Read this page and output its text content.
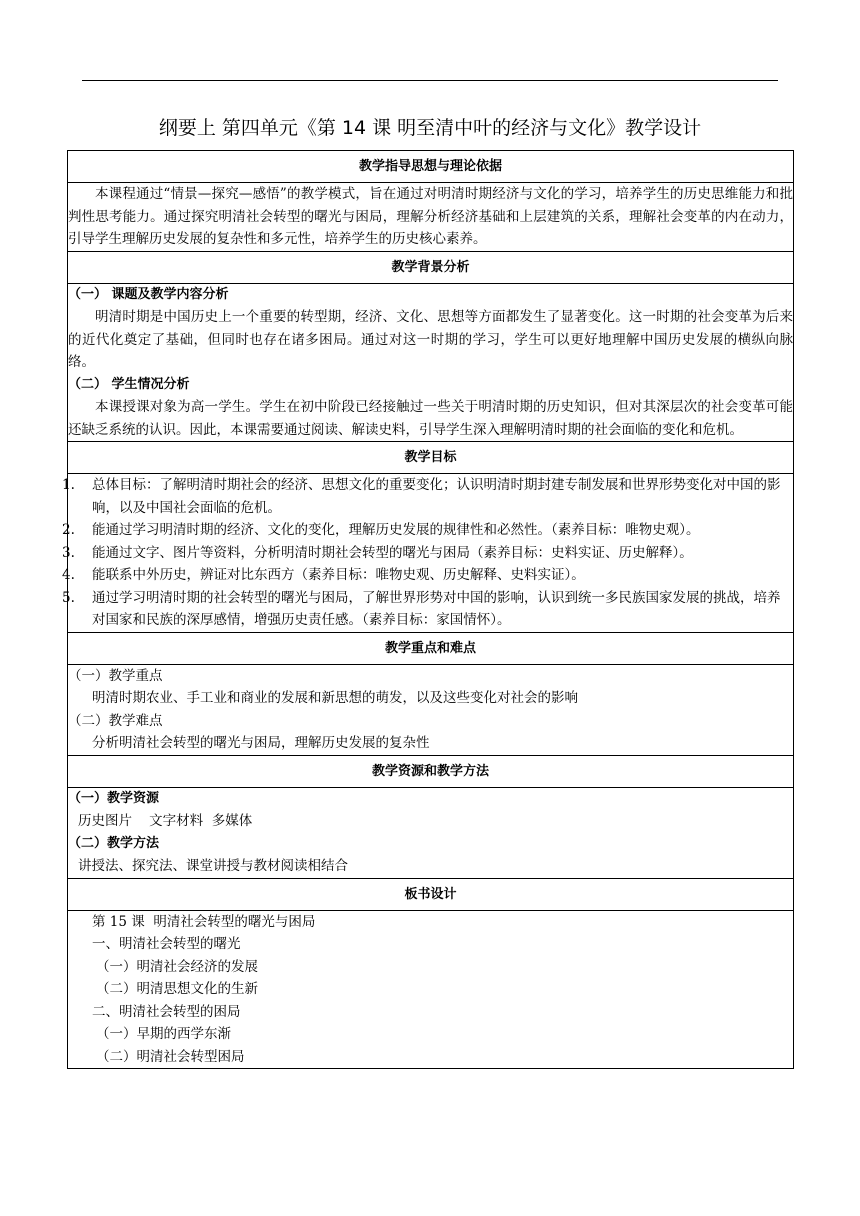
纲要上 第四单元《第 14 课 明至清中叶的经济与文化》教学设计
教学指导思想与理论依据

本课程通过“情景—探究—感悟”的教学模式，旨在通过对明清时期经济与文化的学习，培养学生的历史思维能力和批判性思考能力。通过探究明清社会转型的曙光与困局，理解分析经济基础和上层建筑的关系，理解社会变革的内在动力，引导学生理解历史发展的复杂性和多元性，培养学生的历史核心素养。

教学背景分析

（一） 课题及教学内容分析

明清时期是中国历史上一个重要的转型期，经济、文化、思想等方面都发生了显著变化。这一时期的社会变革为后来的近代化奠定了基础，但同时也存在诸多困局。通过对这一时期的学习，学生可以更好地理解中国历史发展的横纵向脉络。

（二） 学生情况分析

本课授课对象为高一学生。学生在初中阶段已经接触过一些关于明清时期的历史知识，但对其深层次的社会变革可能还缺乏系统的认识。因此，本课需要通过阅读、解读史料，引导学生深入理解明清时期的社会面临的变化和危机。

教学目标

1. 总体目标：了解明清时期社会的经济、思想文化的重要变化；认识明清时期封建专制发展和世界形势变化对中国的影响，以及中国社会面临的危机。
2. 能通过学习明清时期的经济、文化的变化，理解历史发展的规律性和必然性。（素养目标：唯物史观）。
3. 能通过文字、图片等资料，分析明清时期社会转型的曙光与困局（素养目标：史料实证、历史解释）。
4. 能联系中外历史，辨证对比东西方（素养目标：唯物史观、历史解释、史料实证）。
5. 通过学习明清时期的社会转型的曙光与困局，了解世界形势对中国的影响，认识到统一多民族国家发展的挑战，培养对国家和民族的深厚感情，增强历史责任感。（素养目标：家国情怀）。

教学重点和难点

（一）教学重点

明清时期农业、手工业和商业的发展和新思想的萌发，以及这些变化对社会的影响

（二）教学难点

分析明清社会转型的曙光与困局，理解历史发展的复杂性

教学资源和教学方法

（一）教学资源

历史图片    文字材料  多媒体

（二）教学方法

讲授法、探究法、课堂讲授与教材阅读相结合

板书设计

第 15 课  明清社会转型的曙光与困局

一、明清社会转型的曙光

（一）明清社会经济的发展

（二）明清思想文化的生新

二、明清社会转型的困局

（一）早期的西学东渐

（二）明清社会转型困局
